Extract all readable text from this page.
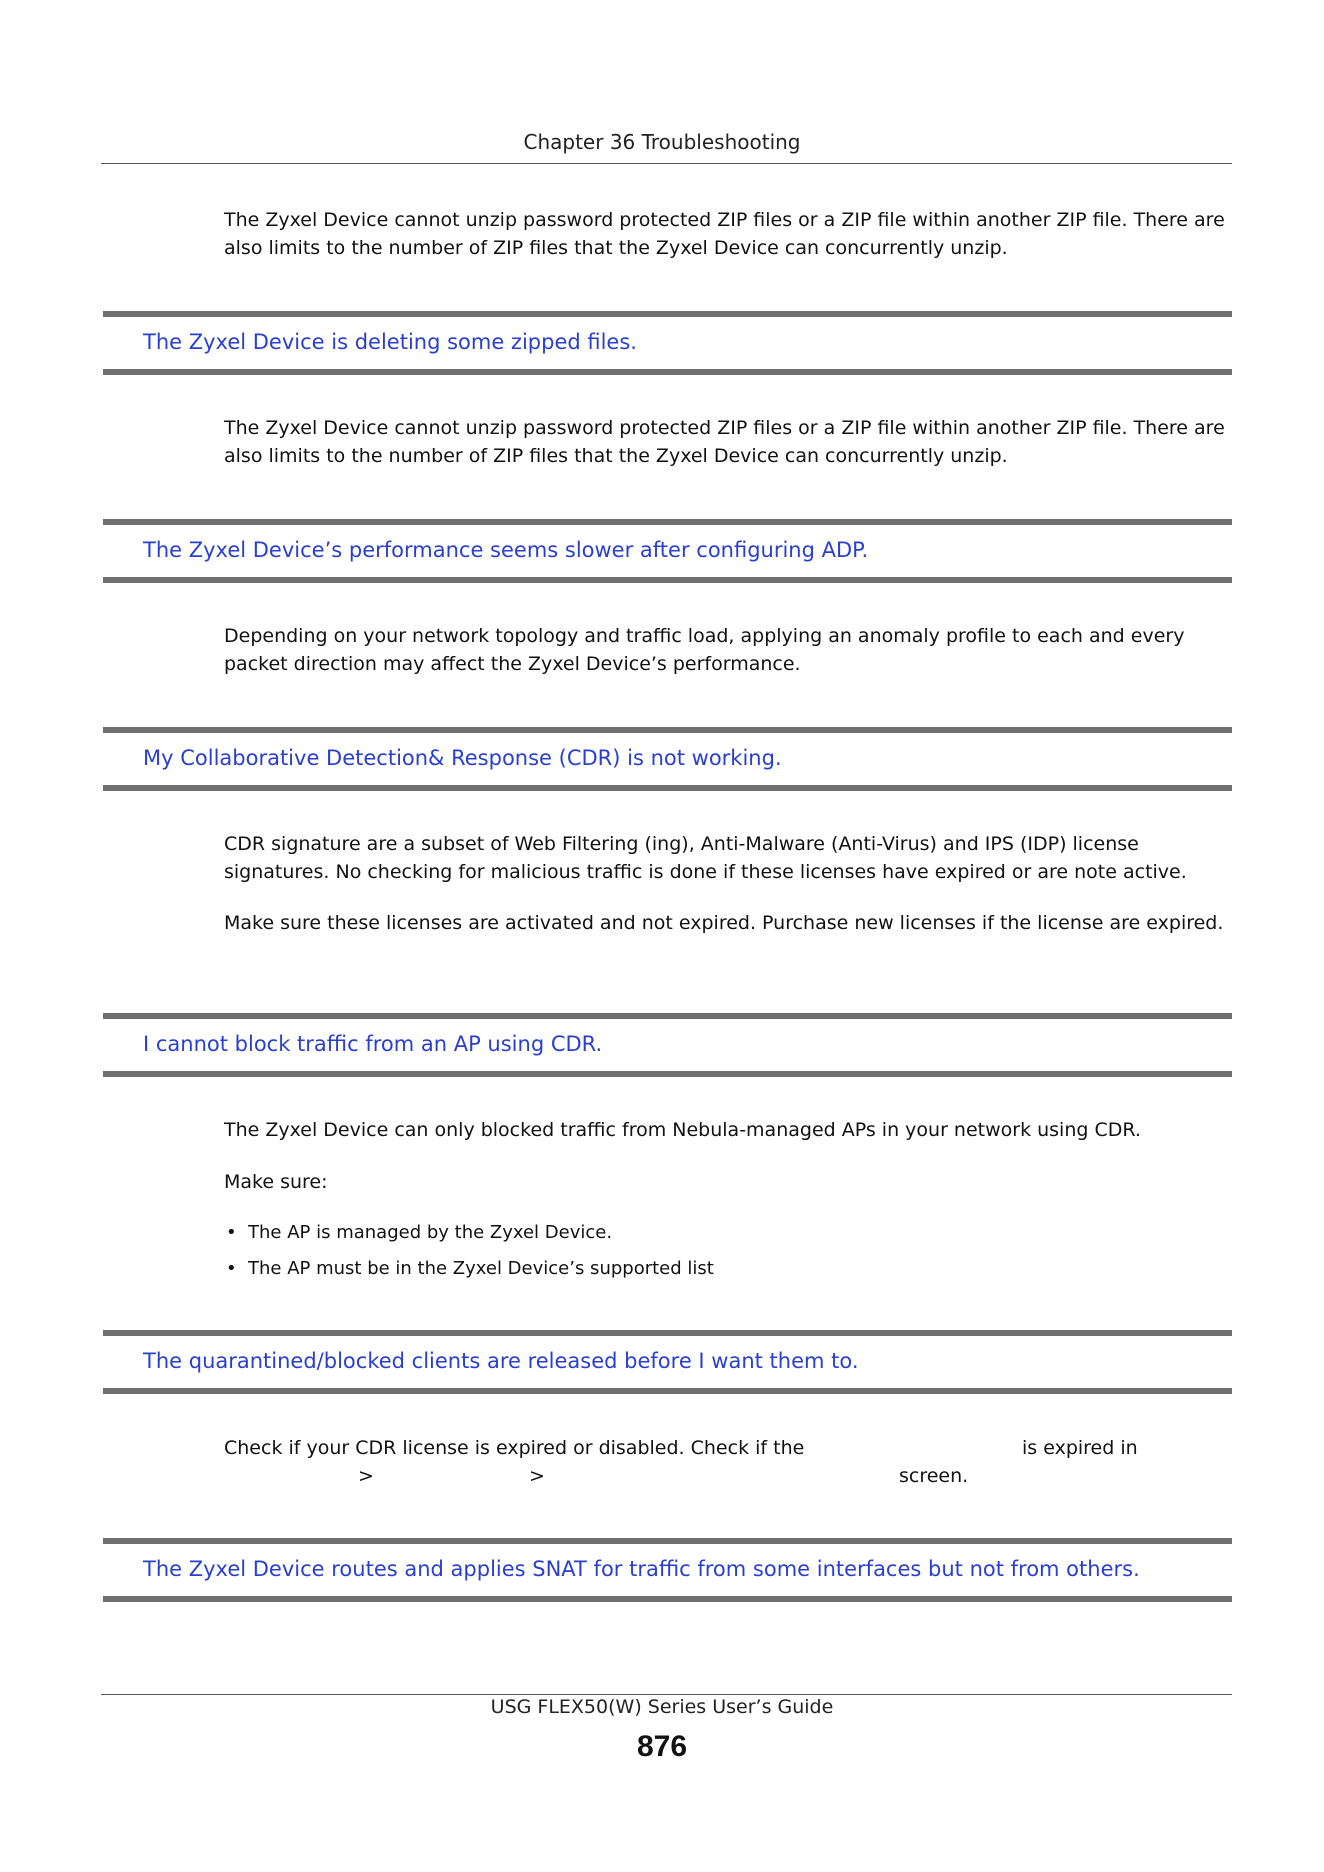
Chapter 36 Troubleshooting

The Zyxel Device cannot unzip password protected ZIP files or a ZIP file within another ZIP file. There are also limits to the number of ZIP files that the Zyxel Device can concurrently unzip.

The Zyxel Device is deleting some zipped files.

The Zyxel Device cannot unzip password protected ZIP files or a ZIP file within another ZIP file. There are also limits to the number of ZIP files that the Zyxel Device can concurrently unzip.

The Zyxel Device’s performance seems slower after configuring ADP.

Depending on your network topology and traffic load, applying an anomaly profile to each and every packet direction may affect the Zyxel Device’s performance.

My Collaborative Detection& Response (CDR) is not working.

CDR signature are a subset of Web Filtering (ing), Anti-Malware (Anti-Virus) and IPS (IDP) license signatures. No checking for malicious traffic is done if these licenses have expired or are note active.

Make sure these licenses are activated and not expired. Purchase new licenses if the license are expired.

I cannot block traffic from an AP using CDR.

The Zyxel Device can only blocked traffic from Nebula-managed APs in your network using CDR.

Make sure:

• The AP is managed by the Zyxel Device.
• The AP must be in the Zyxel Device’s supported list
The quarantined/blocked clients are released before I want them to.
Check if your CDR license is expired or disabled. Check if the	is expired in
>	>	screen.
The Zyxel Device routes and applies SNAT for traffic from some interfaces but not from others.
USG FLEX50(W) Series User’s Guide
876
